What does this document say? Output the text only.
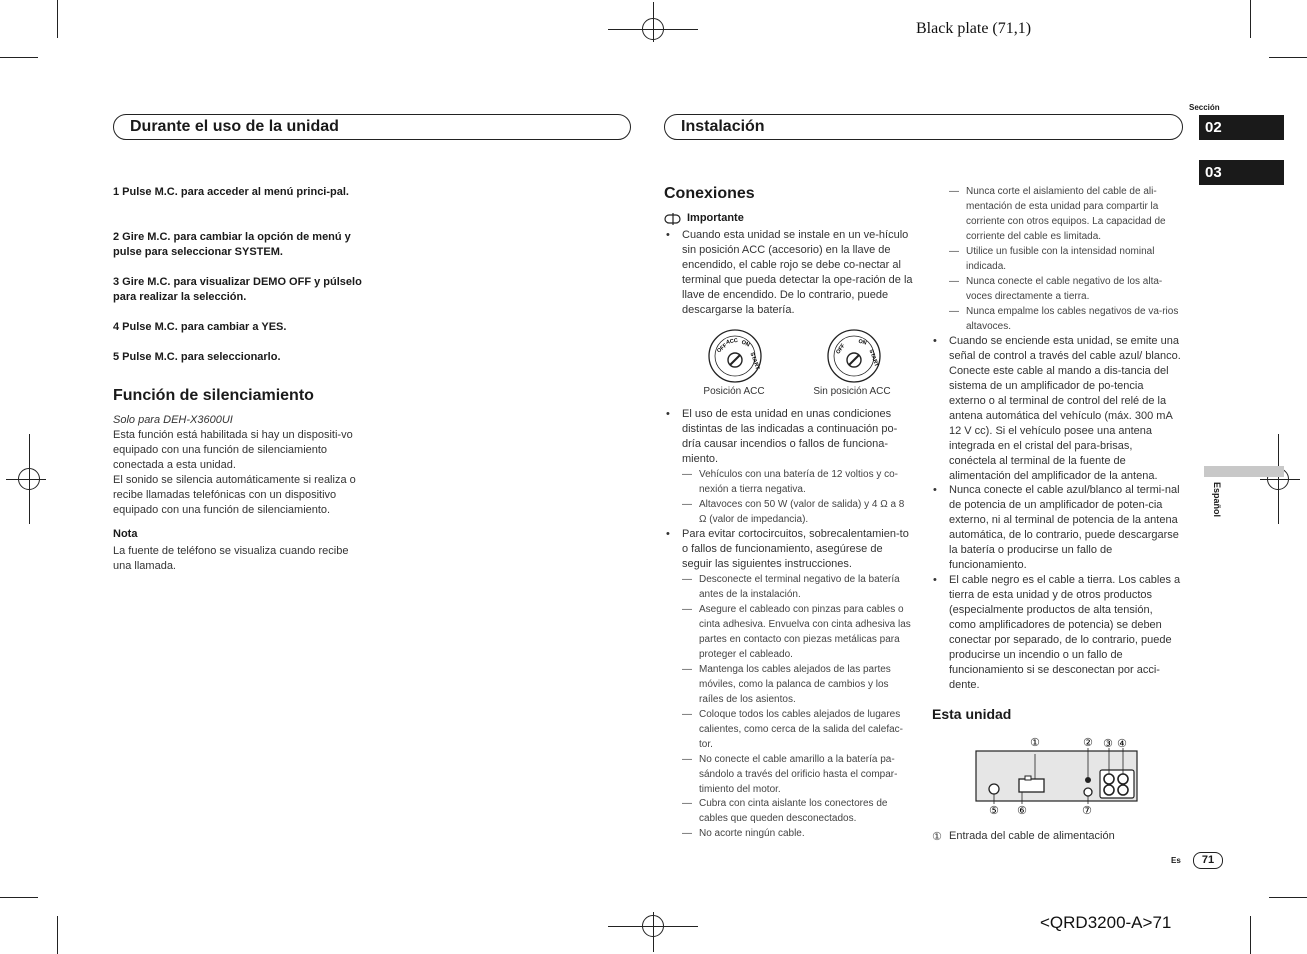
Black plate (71,1)
Durante el uso de la unidad	Instalación
Sección
02
03
Español
1 Pulse M.C. para acceder al menú princi-pal.
2 Gire M.C. para cambiar la opción de menú y pulse para seleccionar SYSTEM.
3 Gire M.C. para visualizar DEMO OFF y púlselo para realizar la selección.
4 Pulse M.C. para cambiar a YES.
5 Pulse M.C. para seleccionarlo.
Función de silenciamiento
Solo para DEH-X3600UI
Esta función está habilitada si hay un dispositi-vo equipado con una función de silenciamiento conectada a esta unidad.
El sonido se silencia automáticamente si realiza o recibe llamadas telefónicas con un dispositivo equipado con una función de silenciamiento.
Nota
La fuente de teléfono se visualiza cuando recibe una llamada.
Conexiones
Importante
• Cuando esta unidad se instale en un ve-hículo sin posición ACC (accesorio) en la llave de encendido, el cable rojo se debe co-nectar al terminal que pueda detectar la ope-ración de la llave de encendido. De lo contrario, puede descargarse la batería.
OFF
ACC ON
START
OFF
ON
START
Posición ACC	Sin posición ACC
• El uso de esta unidad en unas condiciones distintas de las indicadas a continuación po-dría causar incendios o fallos de funciona-miento.
— Vehículos con una batería de 12 voltios y co-nexión a tierra negativa.
— Altavoces con 50 W (valor de salida) y 4 Ω a 8 Ω (valor de impedancia).
• Para evitar cortocircuitos, sobrecalentamien-to o fallos de funcionamiento, asegúrese de seguir las siguientes instrucciones.
— Desconecte el terminal negativo de la batería antes de la instalación.
— Asegure el cableado con pinzas para cables o cinta adhesiva. Envuelva con cinta adhesiva las partes en contacto con piezas metálicas para proteger el cableado.
— Mantenga los cables alejados de las partes móviles, como la palanca de cambios y los raíles de los asientos.
— Coloque todos los cables alejados de lugares calientes, como cerca de la salida del calefac-tor.
— No conecte el cable amarillo a la batería pa-sándolo a través del orificio hasta el compar-timiento del motor.
— Cubra con cinta aislante los conectores de cables que queden desconectados.
— No acorte ningún cable.
— Nunca corte el aislamiento del cable de ali-mentación de esta unidad para compartir la corriente con otros equipos. La capacidad de corriente del cable es limitada.
— Utilice un fusible con la intensidad nominal indicada.
— Nunca conecte el cable negativo de los alta-voces directamente a tierra.
— Nunca empalme los cables negativos de va-rios altavoces.
• Cuando se enciende esta unidad, se emite una señal de control a través del cable azul/ blanco. Conecte este cable al mando a dis-tancia del sistema de un amplificador de po-tencia externo o al terminal de control del relé de la antena automática del vehículo (máx. 300 mA 12 V cc). Si el vehículo posee una antena integrada en el cristal del para-brisas, conéctela al terminal de la fuente de alimentación del amplificador de la antena.
• Nunca conecte el cable azul/blanco al termi-nal de potencia de un amplificador de poten-cia externo, ni al terminal de potencia de la antena automática, de lo contrario, puede descargarse la batería o producirse un fallo de funcionamiento.
• El cable negro es el cable a tierra. Los cables a tierra de esta unidad y de otros productos (especialmente productos de alta tensión, como amplificadores de potencia) se deben conectar por separado, de lo contrario, puede producirse un incendio o un fallo de funcionamiento si se desconectan por acci-dente.
Esta unidad
①	② ③ ④
⑤ ⑥	⑦
① Entrada del cable de alimentación
Es	71
<QRD3200-A>71
